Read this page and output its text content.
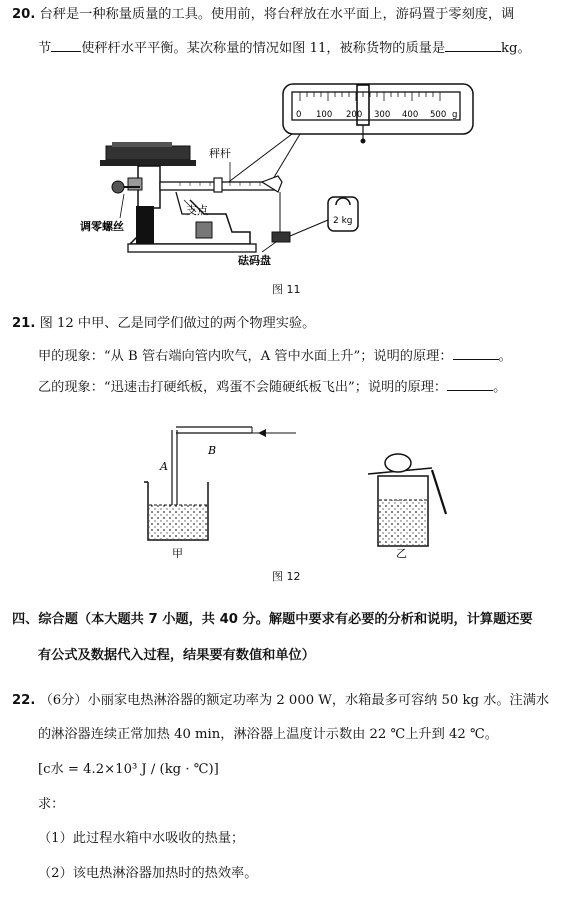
20. 台秤是一种称量质量的工具。使用前，将台秤放在水平面上，游码置于零刻度，调
节 使秤杆水平平衡。某次称量的情况如图 11，被称货物的质量是	kg。
0 100 200 300 400 500 g
2 kg
秤杆
支点
调零螺丝
砝码盘
A
B
甲	乙
图 11
21. 图 12 中甲、乙是同学们做过的两个物理实验。
甲的现象：“从 B 管右端向管内吹气，A 管中水面上升”；说明的原理：	。
乙的现象：“迅速击打硬纸板，鸡蛋不会随硬纸板飞出”；说明的原理：	。
图 12
四、综合题（本大题共 7 小题，共 40 分。解题中要求有必要的分析和说明，计算题还要
有公式及数据代入过程，结果要有数值和单位）
22. （6分）小丽家电热淋浴器的额定功率为 2 000 W，水箱最多可容纳 50 kg 水。注满水
的淋浴器连续正常加热 40 min，淋浴器上温度计示数由 22 ℃上升到 42 ℃。
[c水 = 4.2×10³ J / (kg · ℃)]
求：
（1）此过程水箱中水吸收的热量；
（2）该电热淋浴器加热时的热效率。
